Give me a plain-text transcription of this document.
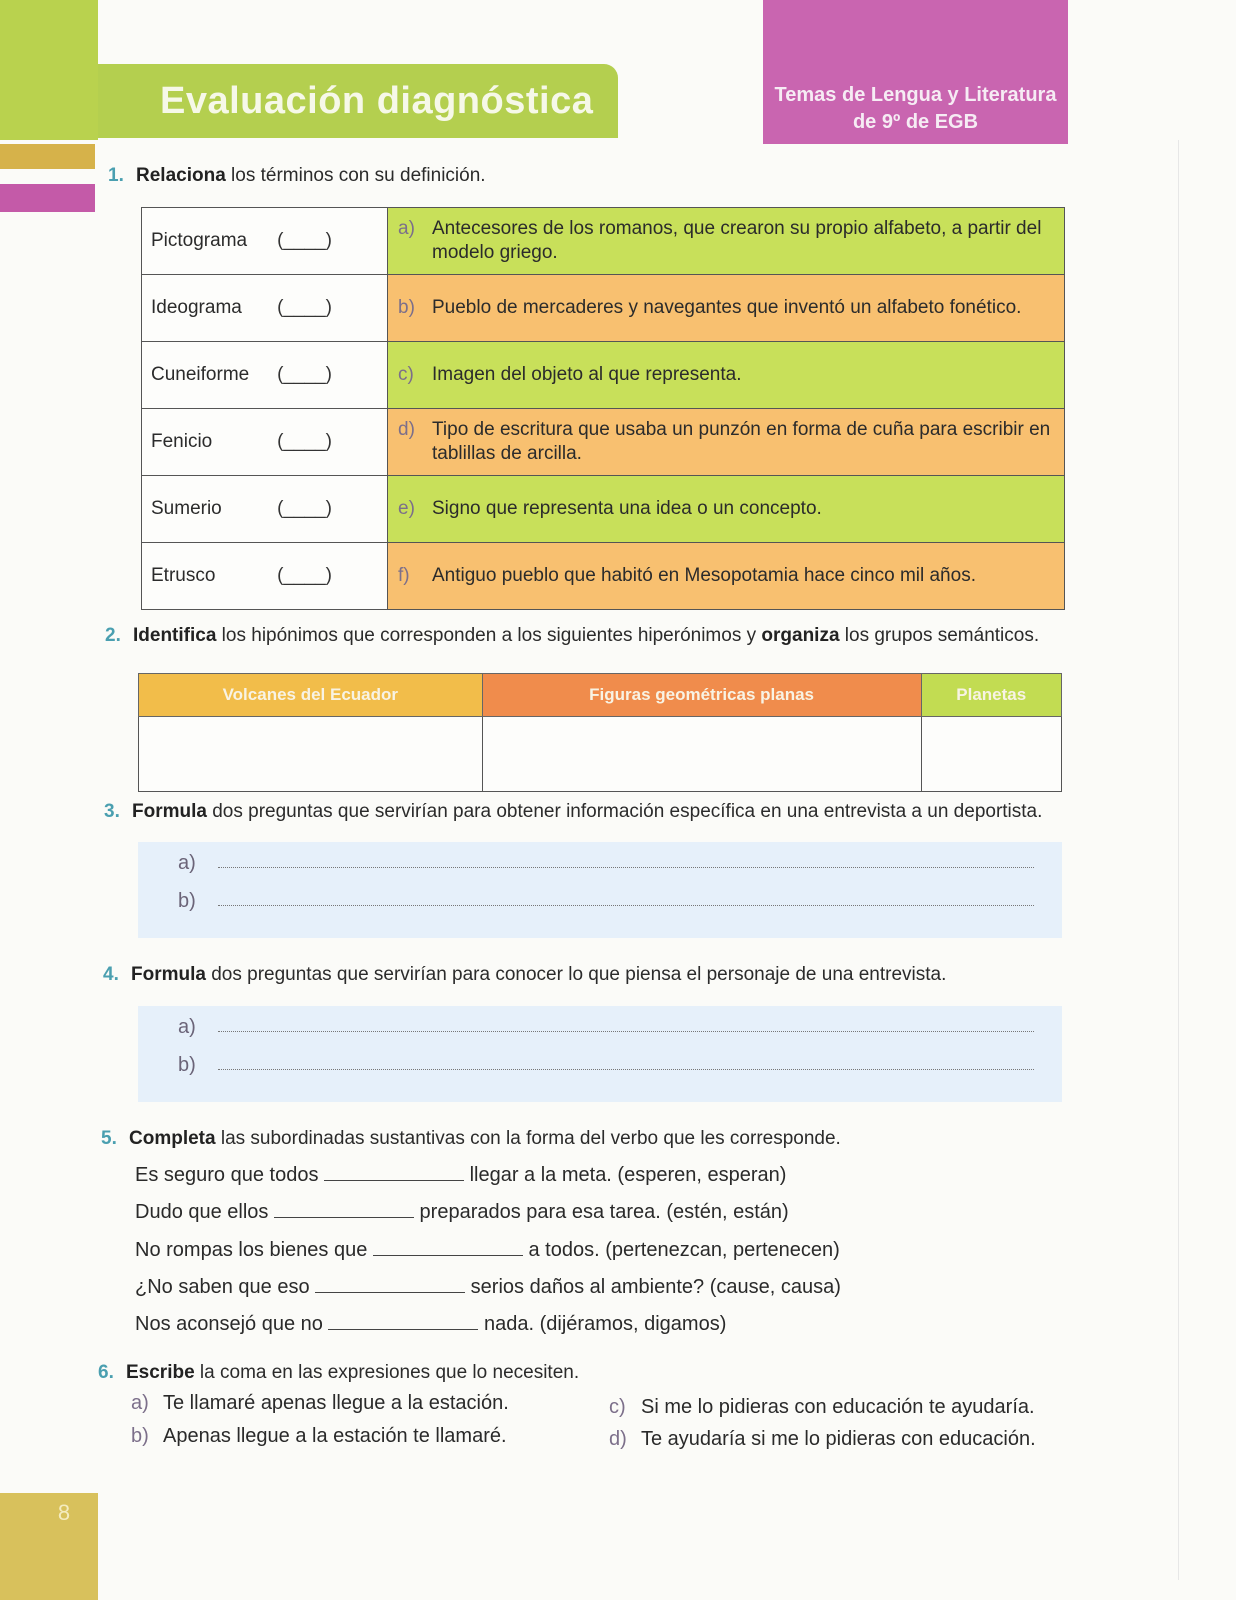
Evaluación diagnóstica	Temas de Lengua y Literatura
de 9º de EGB
1. Relaciona los términos con su definición.
Pictograma (____)	a) Antecesores de los romanos, que crearon su propio alfabeto, a partir del modelo griego.
Ideograma (____)	b) Pueblo de mercaderes y navegantes que inventó un alfabeto fonético.
Cuneiforme (____)	c) Imagen del objeto al que representa.
Fenicio (____)	d) Tipo de escritura que usaba un punzón en forma de cuña para escribir en tablillas de arcilla.
Sumerio (____)	e) Signo que representa una idea o un concepto.
Etrusco (____)	f) Antiguo pueblo que habitó en Mesopotamia hace cinco mil años.
2. Identifica los hipónimos que corresponden a los siguientes hiperónimos y organiza los grupos semánticos.
Volcanes del Ecuador	Figuras geométricas planas	Planetas

3. Formula dos preguntas que servirían para obtener información específica en una entrevista a un deportista.
a)
b)
4. Formula dos preguntas que servirían para conocer lo que piensa el personaje de una entrevista.
a)
b)
5. Completa las subordinadas sustantivas con la forma del verbo que les corresponde.
Es seguro que todos	llegar a la meta. (esperen, esperan)
Dudo que ellos	preparados para esa tarea. (estén, están)
No rompas los bienes que	a todos. (pertenezcan, pertenecen)
¿No saben que eso	serios daños al ambiente? (cause, causa)
Nos aconsejó que no	nada. (dijéramos, digamos)
6. Escribe la coma en las expresiones que lo necesiten.
a) Te llamaré apenas llegue a la estación.
b) Apenas llegue a la estación te llamaré.
c) Si me lo pidieras con educación te ayudaría.
d) Te ayudaría si me lo pidieras con educación.
8
